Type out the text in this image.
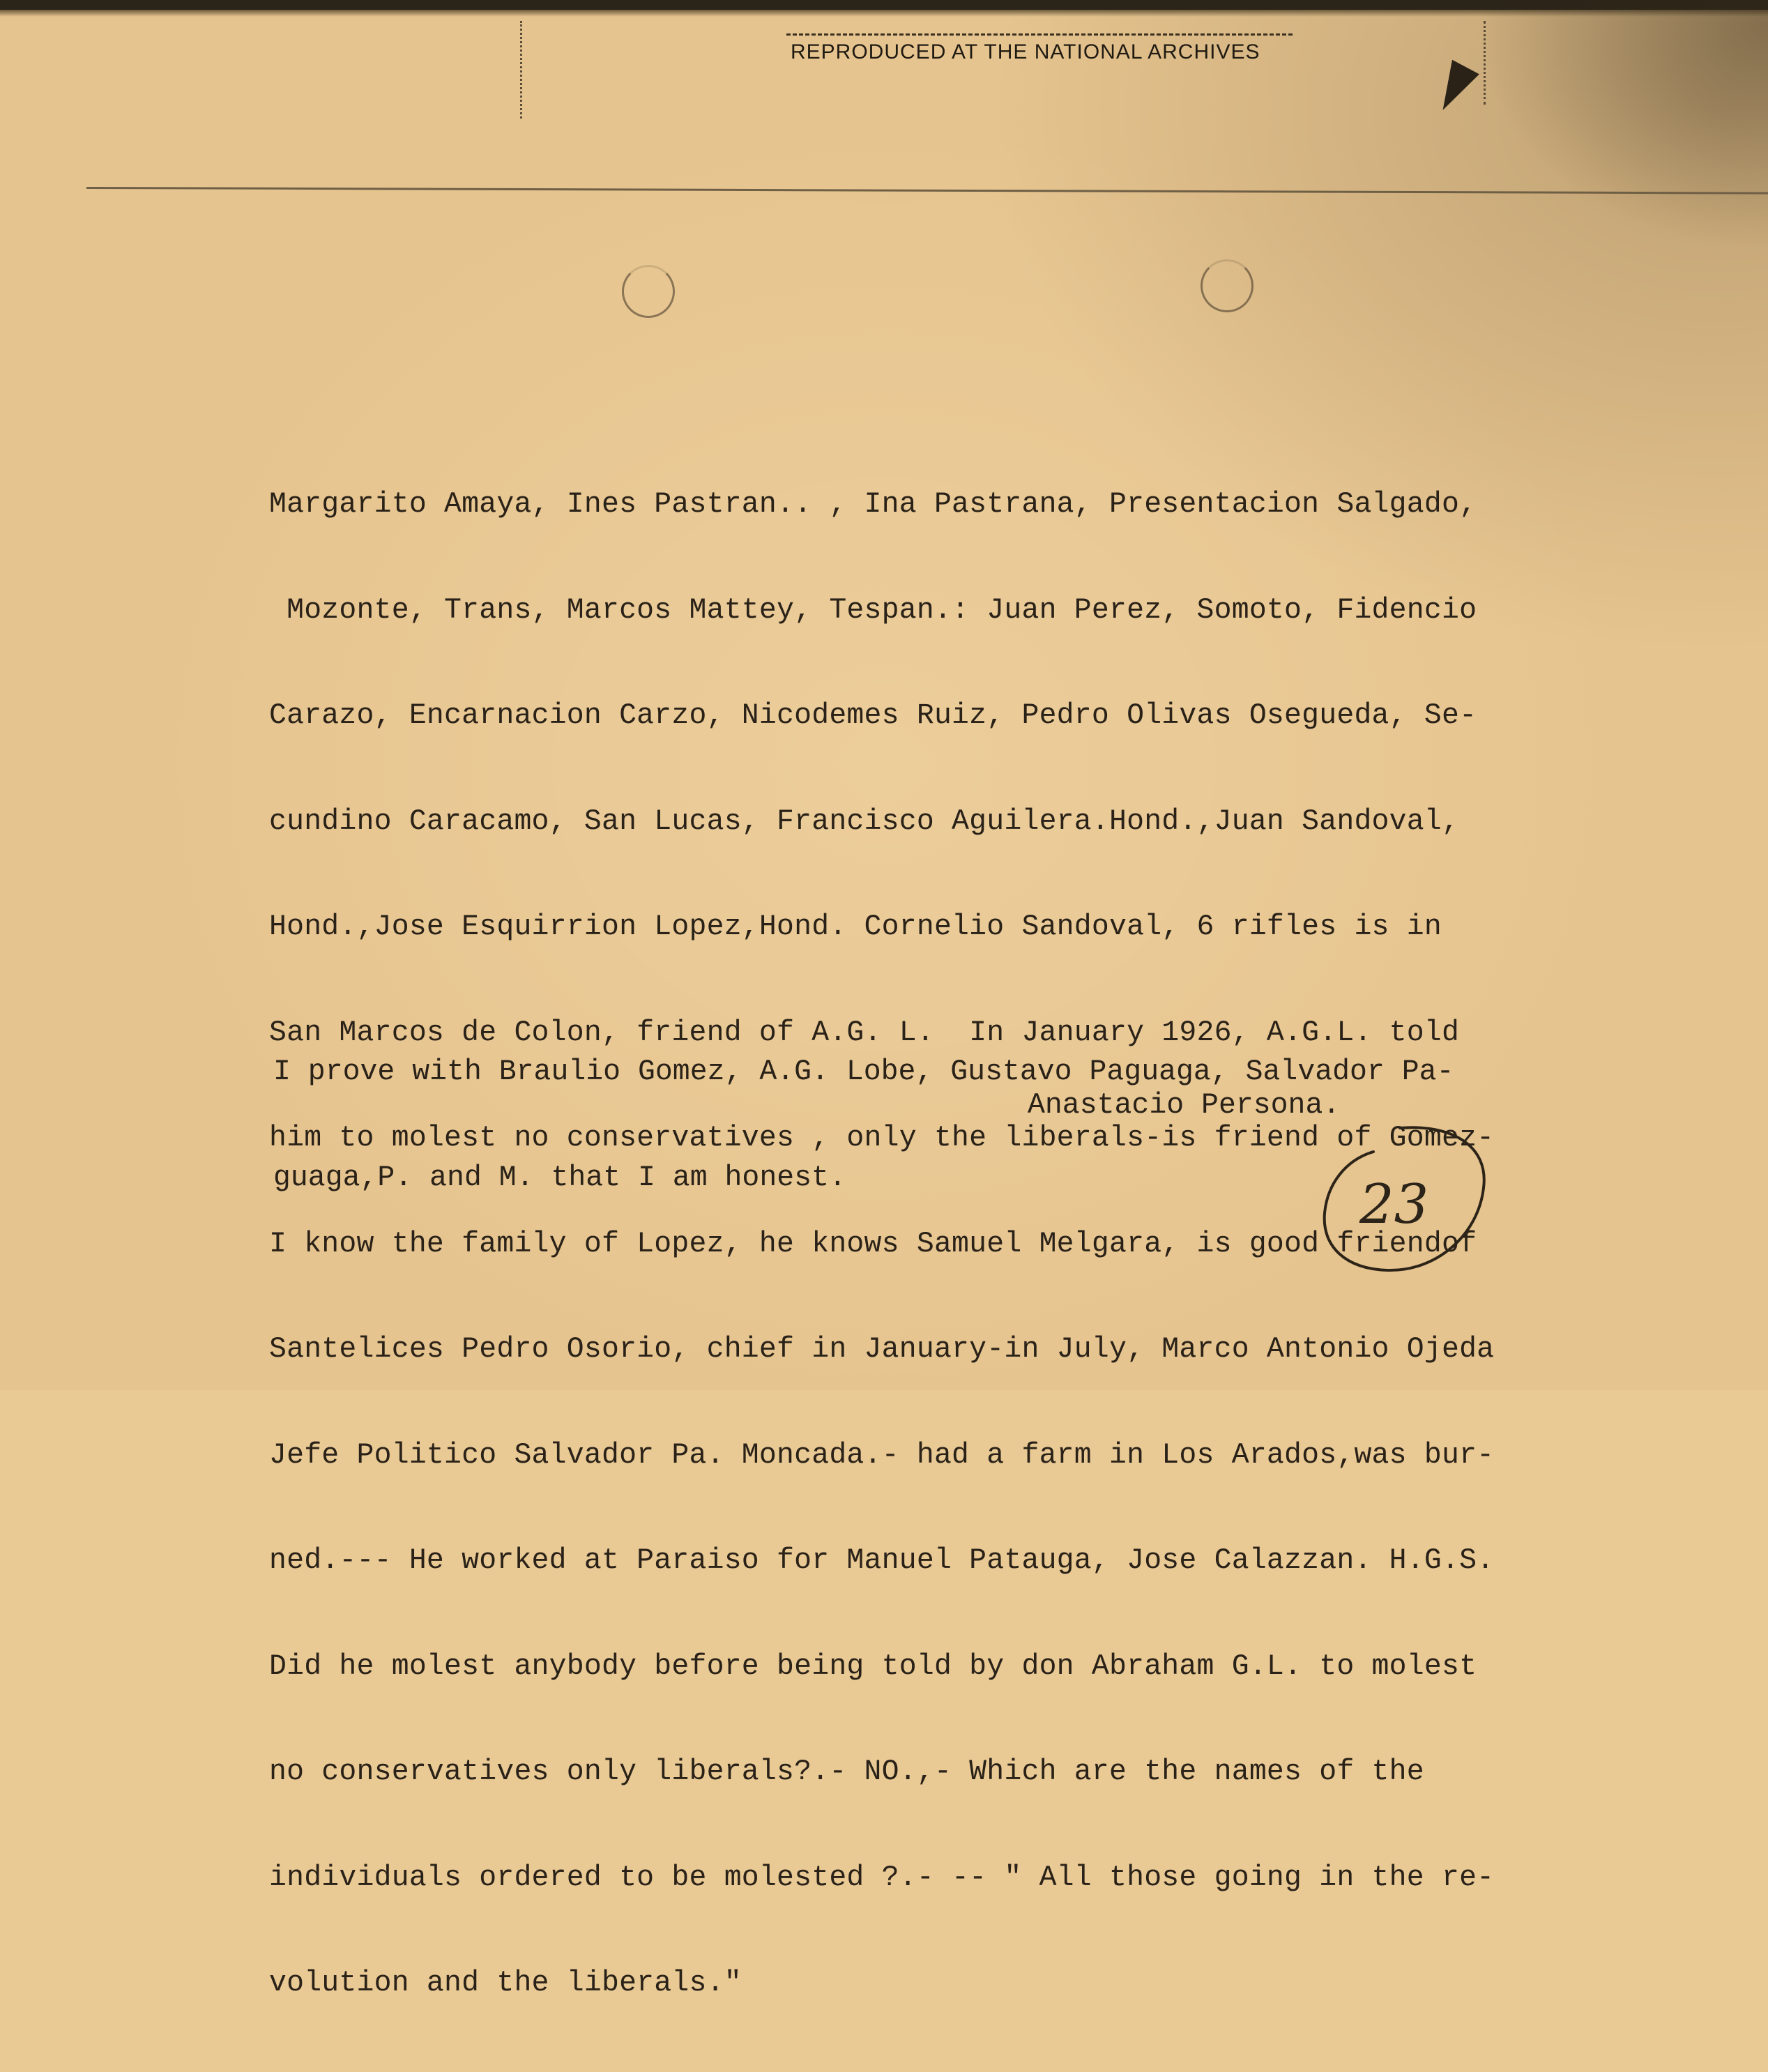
REPRODUCED AT THE NATIONAL ARCHIVES

Margarito Amaya, Ines Pastran.. , Ina Pastrana, Presentacion Salgado,

Mozonte, Trans, Marcos Mattey, Tespan.: Juan Perez, Somoto, Fidencio

Carazo, Encarnacion Carzo, Nicodemes Ruiz, Pedro Olivas Osegueda, Se-

cundino Caracamo, San Lucas, Francisco Aguilera.Hond.,Juan Sandoval,

Hond.,Jose Esquirrion Lopez,Hond. Cornelio Sandoval, 6 rifles is in

San Marcos de Colon, friend of A.G. L.  In January 1926, A.G.L. told

him to molest no conservatives , only the liberals-is friend of Gomez-

I know the family of Lopez, he knows Samuel Melgara, is good friendof

Santelices Pedro Osorio, chief in January-in July, Marco Antonio Ojeda

Jefe Politico Salvador Pa. Moncada.- had a farm in Los Arados,was bur-

ned.--- He worked at Paraiso for Manuel Patauga, Jose Calazzan. H.G.S.

Did he molest anybody before being told by don Abraham G.L. to molest

no conservatives only liberals?.- NO.,- Which are the names of the

individuals ordered to be molested ?.- -- " All those going in the re-

volution and the liberals."

I prove with Braulio Gomez, A.G. Lobe, Gustavo Paguaga, Salvador Pa-

guaga,P. and M. that I am honest.

Anastacio Persona.
23
